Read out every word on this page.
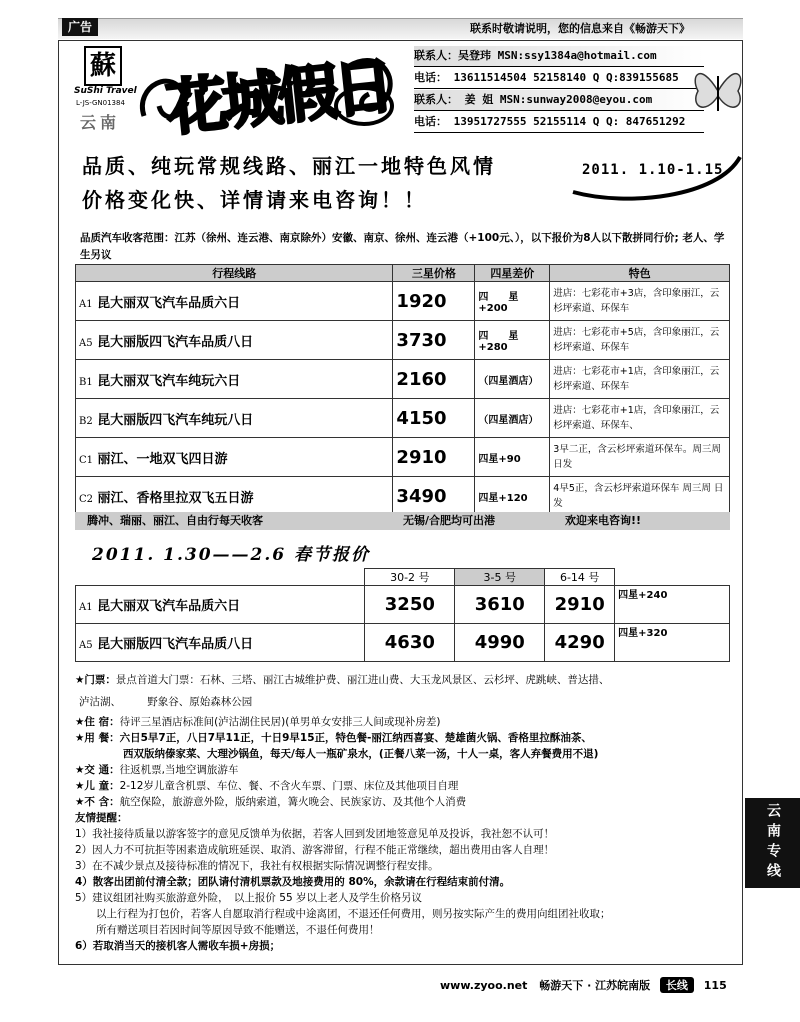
广告	联系时敬请说明，您的信息来自《畅游天下》
蘇
SuShi Travel
L-JS-GN01384
云南 花城假日 联系人：吴登玮 MSN:ssy1384a@hotmail.com
电话： 13611514504 52158140 Q Q:839155685
联系人： 姜 姐 MSN:sunway2008@eyou.com
电话： 13951727555 52155114 Q Q: 847651292
品质、纯玩常规线路、丽江一地特色风情
价格变化快、详情请来电咨询！！
2011. 1.10-1.15
品质汽车收客范围：江苏（徐州、连云港、南京除外）安徽、南京、徐州、连云港（+100元、），以下报价为8人以下散拼同行价; 老人、学生另议
行程线路	三星价格	四星差价	特色
A1 昆大丽双飞汽车品质六日	1920	四　　星 +200	进店：七彩花市+3店，含印象丽江，云杉坪索道、环保车
A5 昆大丽版四飞汽车品质八日	3730	四　　星 +280	进店：七彩花市+5店，含印象丽江，云杉坪索道、环保车
B1 昆大丽双飞汽车纯玩六日	2160	（四星酒店）	进店：七彩花市+1店，含印象丽江，云杉坪索道、环保车
B2 昆大丽版四飞汽车纯玩八日	4150	（四星酒店）	进店：七彩花市+1店，含印象丽江，云杉坪索道、环保车、
C1 丽江、一地双飞四日游	2910	四星+90	3早二正，含云杉坪索道环保车。周三周 日发
C2 丽江、香格里拉双飞五日游	3490	四星+120	4早5正，含云杉坪索道环保车 周三周 日发
腾冲、瑞丽、丽江、自由行每天收客	无锡/合肥均可出港	欢迎来电咨询!!
2011. 1.30——2.6 春节报价
	30-2 号	3-5 号	6-14 号	
A1 昆大丽双飞汽车品质六日	3250	3610	2910	四星+240
A5 昆大丽版四飞汽车品质八日	4630	4990	4290	四星+320
★门票：景点首道大门票：石林、三塔、丽江古城维护费、丽江进山费、大玉龙风景区、云杉坪、虎跳峡、普达措、
泸沽湖、　　　野象谷、原始森林公园
★住 宿：待评三星酒店标准间(泸沽湖住民居)(单男单女安排三人间或现补房差)
★用 餐：六日5早7正，八日7早11正，十日9早15正，特色餐-丽江纳西喜宴、楚雄菌火锅、香格里拉酥油茶、
西双版纳傣家菜、大理沙锅鱼，每天/每人一瓶矿泉水，(正餐八菜一汤，十人一桌，客人弃餐费用不退)
★交 通：往返机票,当地空调旅游车
★儿 童：2-12岁儿童含机票、车位、餐、不含火车票、门票、床位及其他项目自理
★不 含：航空保险，旅游意外险，版纳索道，篝火晚会、民族家访、及其他个人消费
友情提醒：
1）我社接待质量以游客签字的意见反馈单为依据，若客人回到发团地签意见单及投诉，我社恕不认可！
2）因人力不可抗拒等困素造成航班延误、取消、游客滞留，行程不能正常继续，超出费用由客人自理！
3）在不减少景点及接待标准的情况下，我社有权根据实际情况调整行程安排。
4）散客出团前付清全款；团队请付清机票款及地接费用的 80%，余款请在行程结束前付清。
5）建议组团社购买旅游意外险，　以上报价 55 岁以上老人及学生价格另议
　　以上行程为打包价，若客人自愿取消行程或中途离团，不退还任何费用，则另按实际产生的费用向组团社收取；
　　所有赠送项目若因时间等原因导致不能赠送，不退任何费用！
6）若取消当天的接机客人需收车损+房损；
云南专线
www.zyoo.net 畅游天下 · 江苏皖南版 长线 115
